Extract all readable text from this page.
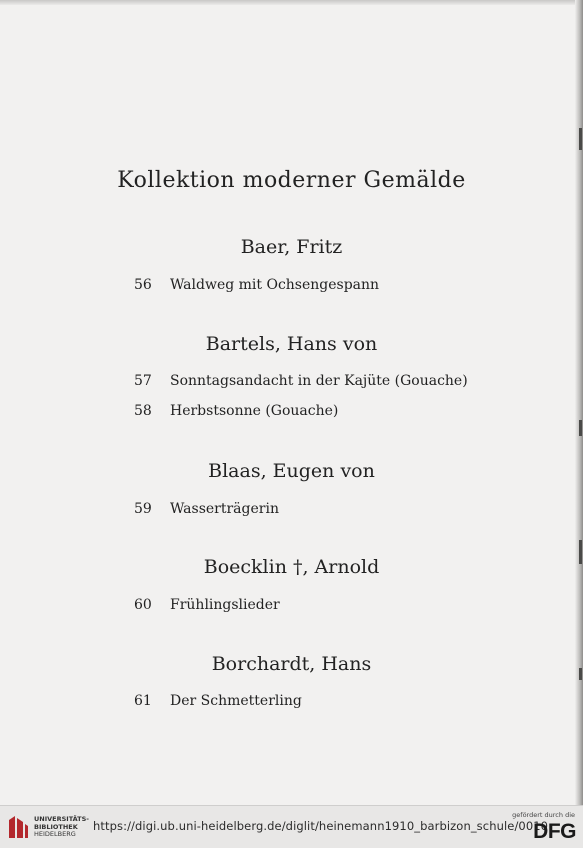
Kollektion moderner Gemälde
Baer, Fritz
56 Waldweg mit Ochsengespann
Bartels, Hans von
57 Sonntagsandacht in der Kajüte (Gouache)
58 Herbstsonne (Gouache)
Blaas, Eugen von
59 Wasserträgerin
Boecklin †, Arnold
60 Frühlingslieder
Borchardt, Hans
61 Der Schmetterling
UNIVERSITÄTS-
BIBLIOTHEK
HEIDELBERG
https://digi.ub.uni-heidelberg.de/diglit/heinemann1910_barbizon_schule/0010
gefördert durch die
DFG
